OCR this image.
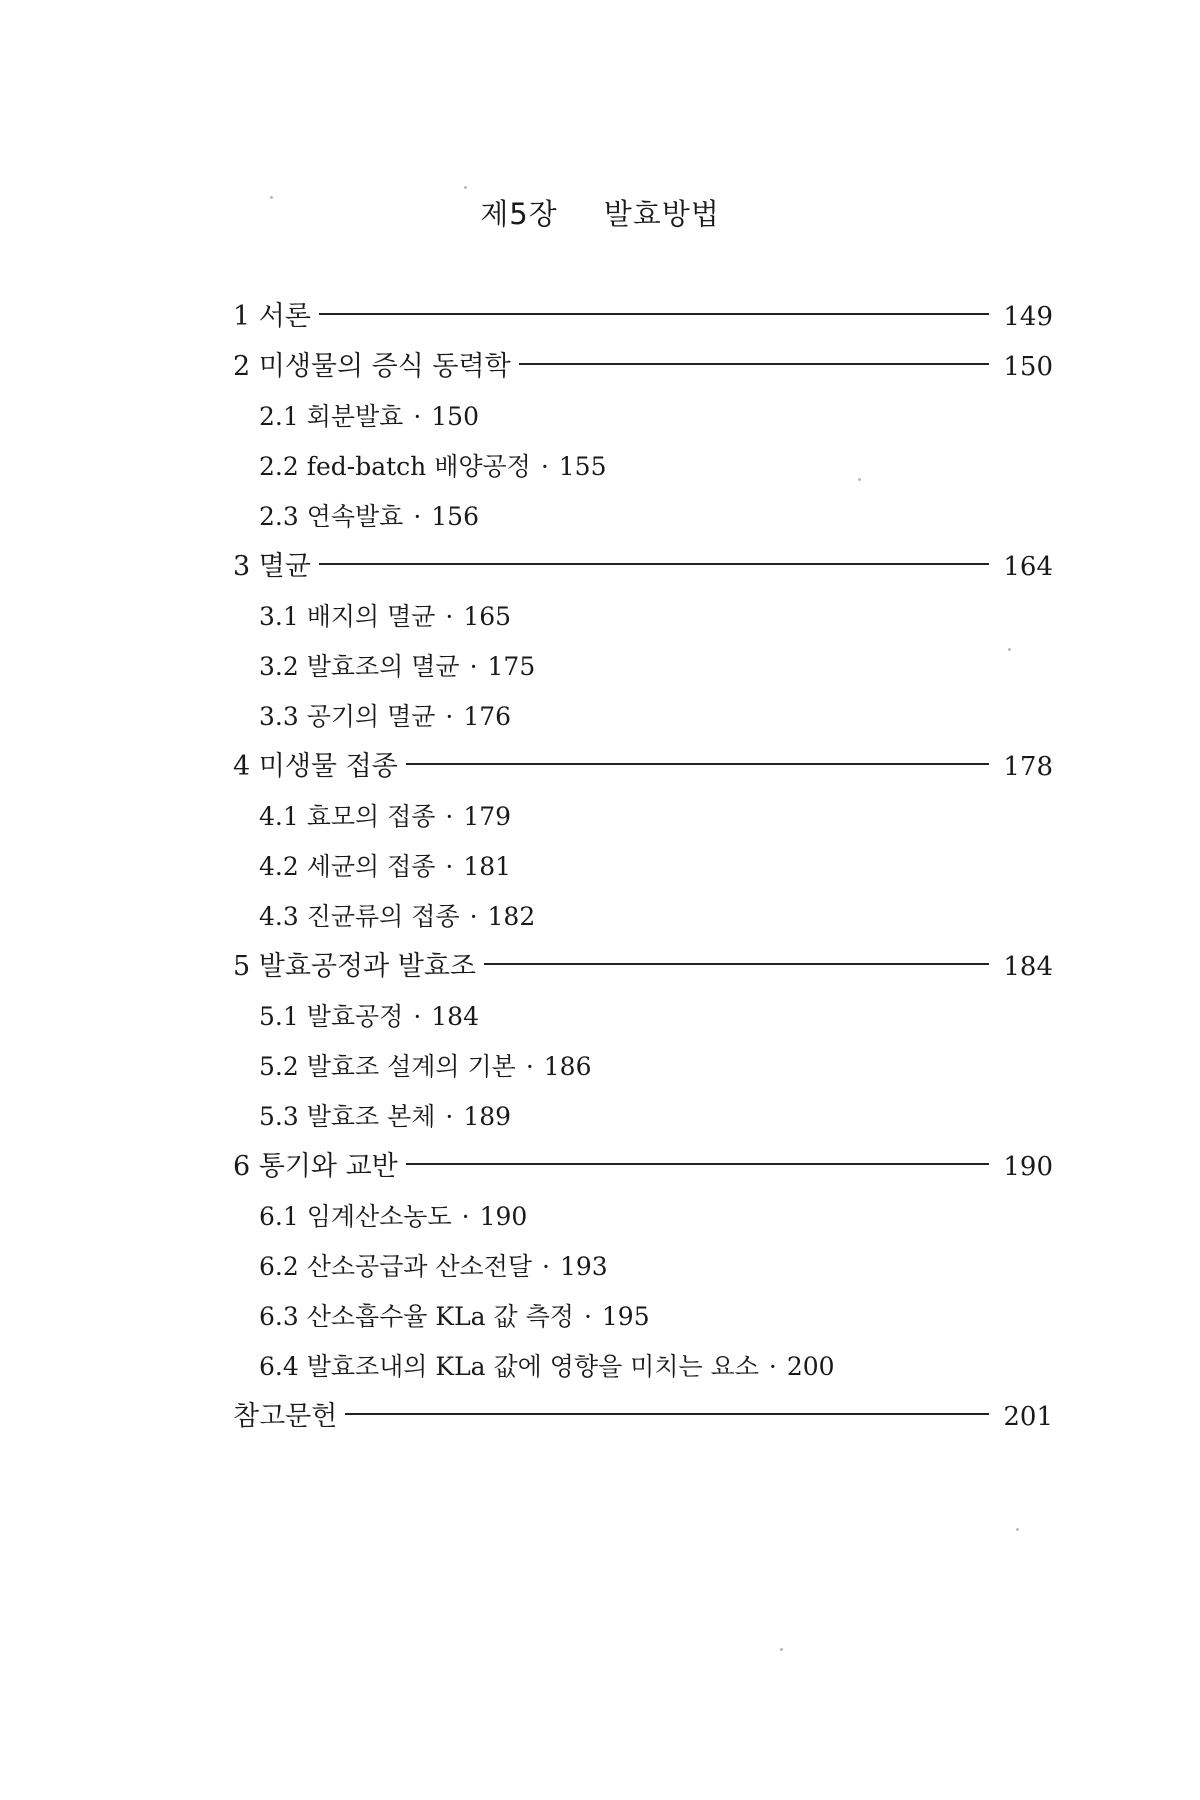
제5장 발효방법
1 서론	149
2 미생물의 증식 동력학	150
2.1 회분발효 · 150
2.2 fed-batch 배양공정 · 155
2.3 연속발효 · 156
3 멸균	164
3.1 배지의 멸균 · 165
3.2 발효조의 멸균 · 175
3.3 공기의 멸균 · 176
4 미생물 접종	178
4.1 효모의 접종 · 179
4.2 세균의 접종 · 181
4.3 진균류의 접종 · 182
5 발효공정과 발효조	184
5.1 발효공정 · 184
5.2 발효조 설계의 기본 · 186
5.3 발효조 본체 · 189
6 통기와 교반	190
6.1 임계산소농도 · 190
6.2 산소공급과 산소전달 · 193
6.3 산소흡수율 KLa 값 측정 · 195
6.4 발효조내의 KLa 값에 영향을 미치는 요소 · 200
참고문헌	201
